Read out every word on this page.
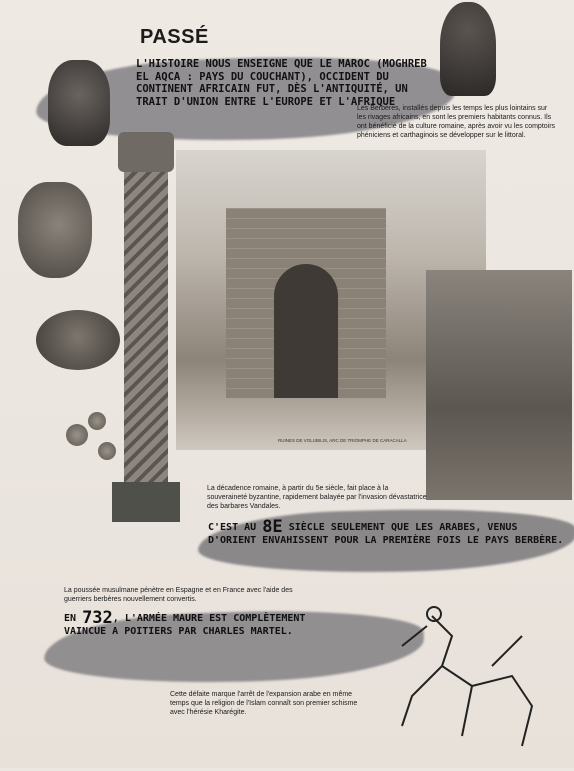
RUINES DE VOLUBILIS, ARC DE TRIOMPHE DE CARACALLA
PASSÉ
L'HISTOIRE NOUS ENSEIGNE QUE LE MAROC (MOGHREB EL AQCA : PAYS DU COUCHANT), OCCIDENT DU CONTINENT AFRICAIN FUT, DÈS L'ANTIQUITÉ, UN TRAIT D'UNION ENTRE L'EUROPE ET L'AFRIQUE
Les Berbères, installés depuis les temps les plus lointains sur les rivages africains, en sont les premiers habitants connus. Ils ont bénéficié de la culture romaine, après avoir vu les comptoirs phéniciens et carthaginois se développer sur le littoral.
La décadence romaine, à partir du 5e siècle, fait place à la souveraineté byzantine, rapidement balayée par l'invasion dévastatrice des barbares Vandales.
C'EST AU 8E SIÈCLE SEULEMENT QUE LES ARABES, VENUS D'ORIENT ENVAHISSENT POUR LA PREMIÈRE FOIS LE PAYS BERBÈRE.
La poussée musulmane pénètre en Espagne et en France avec l'aide des guerriers berbères nouvellement convertis.
EN 732, L'ARMÉE MAURE EST COMPLÈTEMENT VAINCUE A POITIERS PAR CHARLES MARTEL.
Cette défaite marque l'arrêt de l'expansion arabe en même temps que la religion de l'Islam connaît son premier schisme avec l'hérésie Kharégite.
